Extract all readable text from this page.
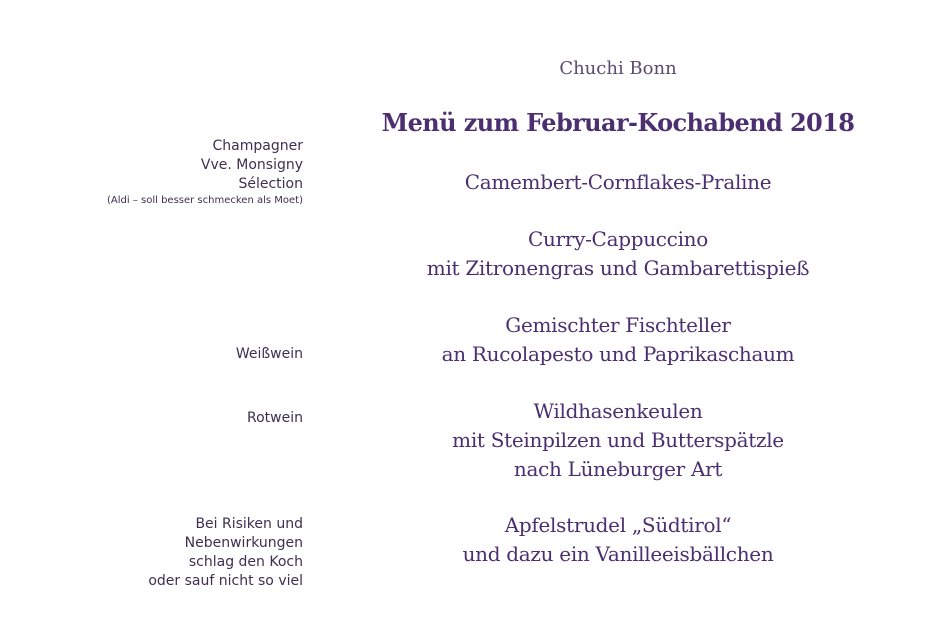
Champagner
Vve. Monsigny
Sélection
(Aldi – soll besser schmecken als Moet)
Weißwein
Rotwein
Bei Risiken und
Nebenwirkungen
schlag den Koch
oder sauf nicht so viel
Chuchi Bonn
Menü zum Februar-Kochabend 2018
Camembert-Cornflakes-Praline
Curry-Cappuccino
mit Zitronengras und Gambarettispieß
Gemischter Fischteller
an Rucolapesto und Paprikaschaum
Wildhasenkeulen
mit Steinpilzen und Butterspätzle
nach Lüneburger Art
Apfelstrudel „Südtirol“
und dazu ein Vanilleeisbällchen
